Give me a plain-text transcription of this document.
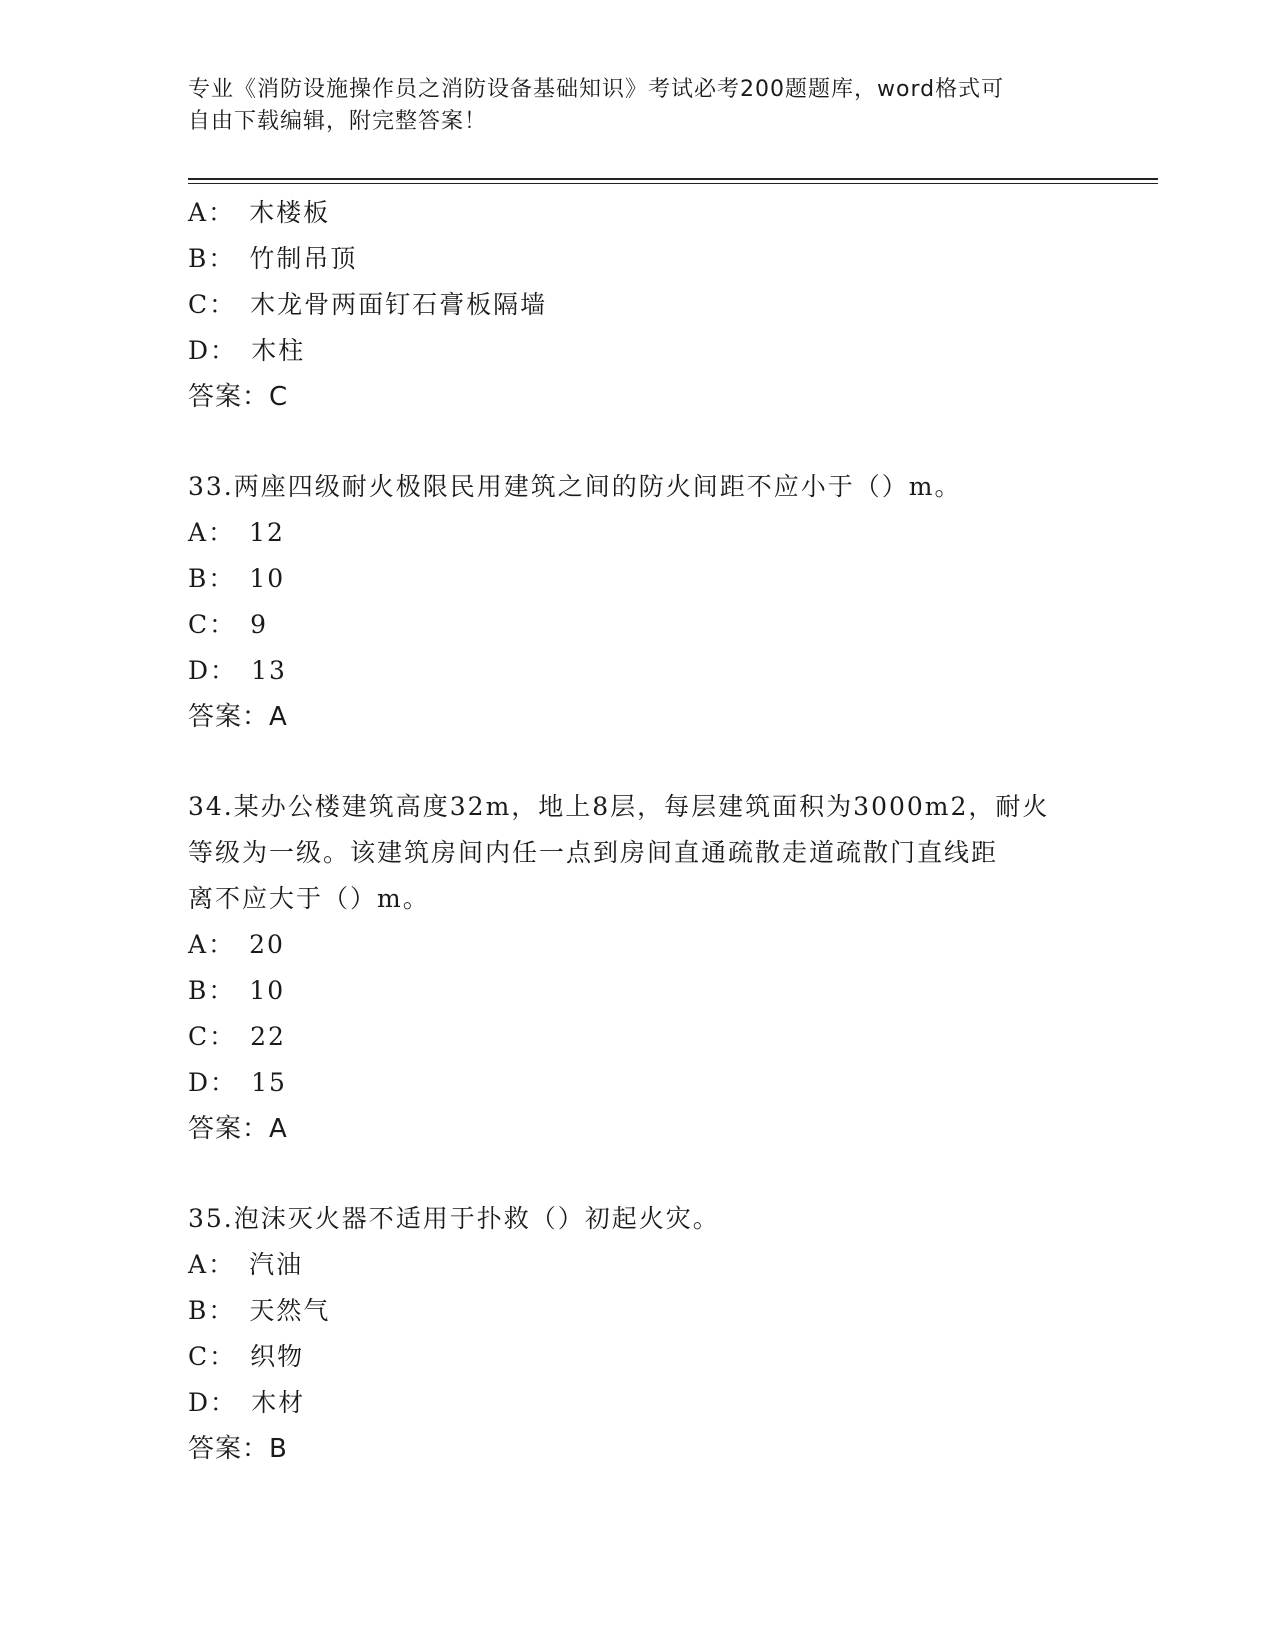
专业《消防设施操作员之消防设备基础知识》考试必考200题题库，word格式可
自由下载编辑，附完整答案！
A： 木楼板
B： 竹制吊顶
C： 木龙骨两面钉石膏板隔墙
D： 木柱
答案：C
33.两座四级耐火极限民用建筑之间的防火间距不应小于（）m。
A： 12
B： 10
C： 9
D： 13
答案：A
34.某办公楼建筑高度32m，地上8层，每层建筑面积为3000m2，耐火
等级为一级。该建筑房间内任一点到房间直通疏散走道疏散门直线距
离不应大于（）m。
A： 20
B： 10
C： 22
D： 15
答案：A
35.泡沫灭火器不适用于扑救（）初起火灾。
A： 汽油
B： 天然气
C： 织物
D： 木材
答案：B
